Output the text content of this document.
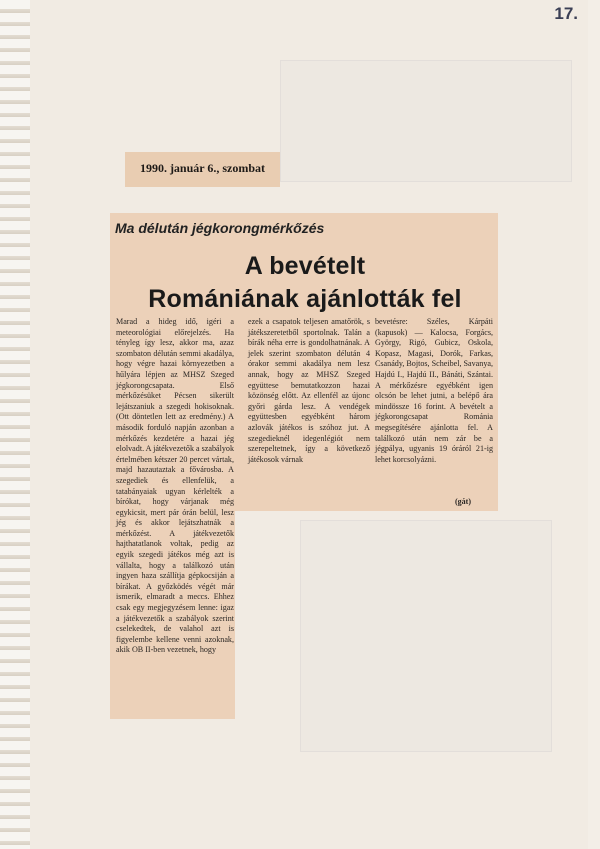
17.
1990. január 6., szombat
Ma délután jégkorongmérkőzés
A bevételt
Romániának ajánlották fel

Marad a hideg idő, igéri a meteorológiai előrejelzés. Ha tényleg így lesz, akkor ma, azaz szombaton délután semmi akadálya, hogy végre hazai környezetben a hűlyára lépjen az MHSZ Szeged jégkorongcsapata. Első mérkőzésüket Pécsen sikerült lejátszaniuk a szegedi hokisoknak. (Ott döntetlen lett az eredmény.) A második forduló napján azonban a mérkőzés kezdetére a hazai jég elolvadt. A játékvezetők a szabályok értelmében kétszer 20 percet vártak, majd hazautaztak a fővárosba. A szegediek és ellenfelük, a tatabányaiak ugyan kérlelték a bírókat, hogy várjanak még egykicsit, mert pár órán belül, lesz jég és akkor lejátszhatnák a mérkőzést. A játékvezetők hajthatatlanok voltak, pedig az egyik szegedi játékos még azt is vállalta, hogy a találkozó után ingyen haza szállítja gépkocsiján a bírákat. A győzködés végét már ismerik, elmaradt a meccs. Ehhez csak egy megjegyzésem lenne: igaz a játékvezetők a szabályok szerint cselekedtek, de valahol azt is figyelembe kellene venni azoknak, akik OB II-ben vezetnek, hogy

ezek a csapatok teljesen amatőrök, s játékszeretetből sportolnak. Talán a bírák néha erre is gondolhatnának. A jelek szerint szombaton délután 4 órakor semmi akadálya nem lesz annak, hogy az MHSZ Szeged együttese bemutatkozzon hazai közönség előtt. Az ellenfél az újonc győri gárda lesz. A vendégek együttesben egyébként három azlovák játékos is szóhoz jut. A szegedieknél idegenlégiót nem szerepeltetnek, így a következő játékosok várnak

bevetésre: Széles, Kárpáti (kapusok) — Kalocsa, Forgács, György, Rigó, Gubicz, Oskola, Kopasz, Magasi, Dorók, Farkas, Csanády, Bojtos, Scheibel, Savanya, Hajdú I., Hajdú II., Bánáti, Szántai. A mérkőzésre egyébként igen olcsón be lehet jutni, a belépő ára mindössze 16 forint. A bevételt a jégkorongcsapat Románia megsegítésére ajánlotta fel. A találkozó után nem zár be a jégpálya, ugyanis 19 óráról 21-ig lehet korcsolyázni.

(gát)
